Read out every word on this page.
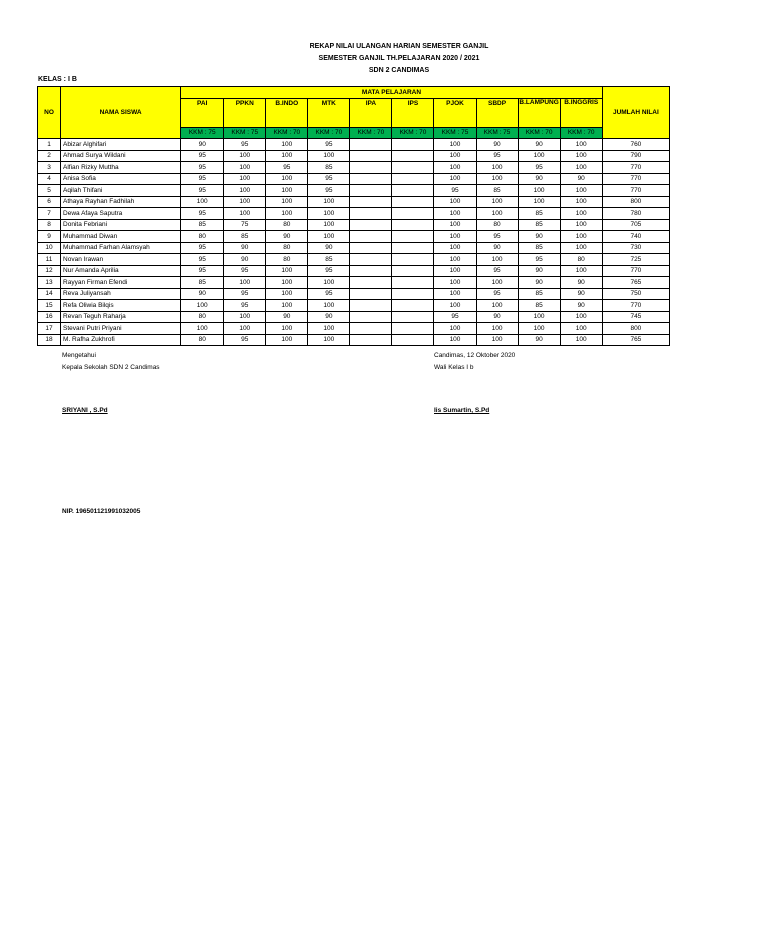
REKAP NILAI ULANGAN HARIAN SEMESTER GANJIL
SEMESTER GANJIL TH.PELAJARAN 2020 / 2021
SDN 2 CANDIMAS
KELAS : I B
NO	NAMA SISWA	MATA PELAJARAN										JUMLAH NILAI
		PAI	PPKN	B.INDO	MTK	IPA	IPS	PJOK	SBDP	B.LAMPUNG	B.INGGRIS	
		KKM : 75	KKM : 75	KKM : 70	KKM : 70	KKM : 70	KKM : 70	KKM : 75	KKM : 75	KKM : 70	KKM : 70	
1	Abizar Alghifari	90	95	100	95			100	90	90	100	760
2	Ahmad Surya Wildani	95	100	100	100			100	95	100	100	790
3	Alfian Rizky Muttha	95	100	95	85			100	100	95	100	770
4	Anisa Sofia	95	100	100	95			100	100	90	90	770
5	Aqilah Thifani	95	100	100	95			95	85	100	100	770
6	Athaya Rayhan Fadhilah	100	100	100	100			100	100	100	100	800
7	Dewa Afaya Saputra	95	100	100	100			100	100	85	100	780
8	Donita Febriani	85	75	80	100			100	80	85	100	705
9	Muhammad Diwan	80	85	90	100			100	95	90	100	740
10	Muhammad Farhan Alamsyah	95	90	80	90			100	90	85	100	730
11	Novan Irawan	95	90	80	85			100	100	95	80	725
12	Nur Amanda Aprilia	95	95	100	95			100	95	90	100	770
13	Rayyan Firman Efendi	85	100	100	100			100	100	90	90	765
14	Reva Juliyansah	90	95	100	95			100	95	85	90	750
15	Refa Oliwia Bilqis	100	95	100	100			100	100	85	90	770
16	Revan Teguh Raharja	80	100	90	90			95	90	100	100	745
17	Stevani Putri Priyani	100	100	100	100			100	100	100	100	800
18	M. Rafha Zukhrofi	80	95	100	100			100	100	90	100	765
Mengetahui
Kepala Sekolah SDN 2 Candimas
SRIYANI , S.Pd
NIP. 196501121991032005
Candimas, 12 Oktober 2020
Wali Kelas I b
Iis Sumartin, S.Pd
